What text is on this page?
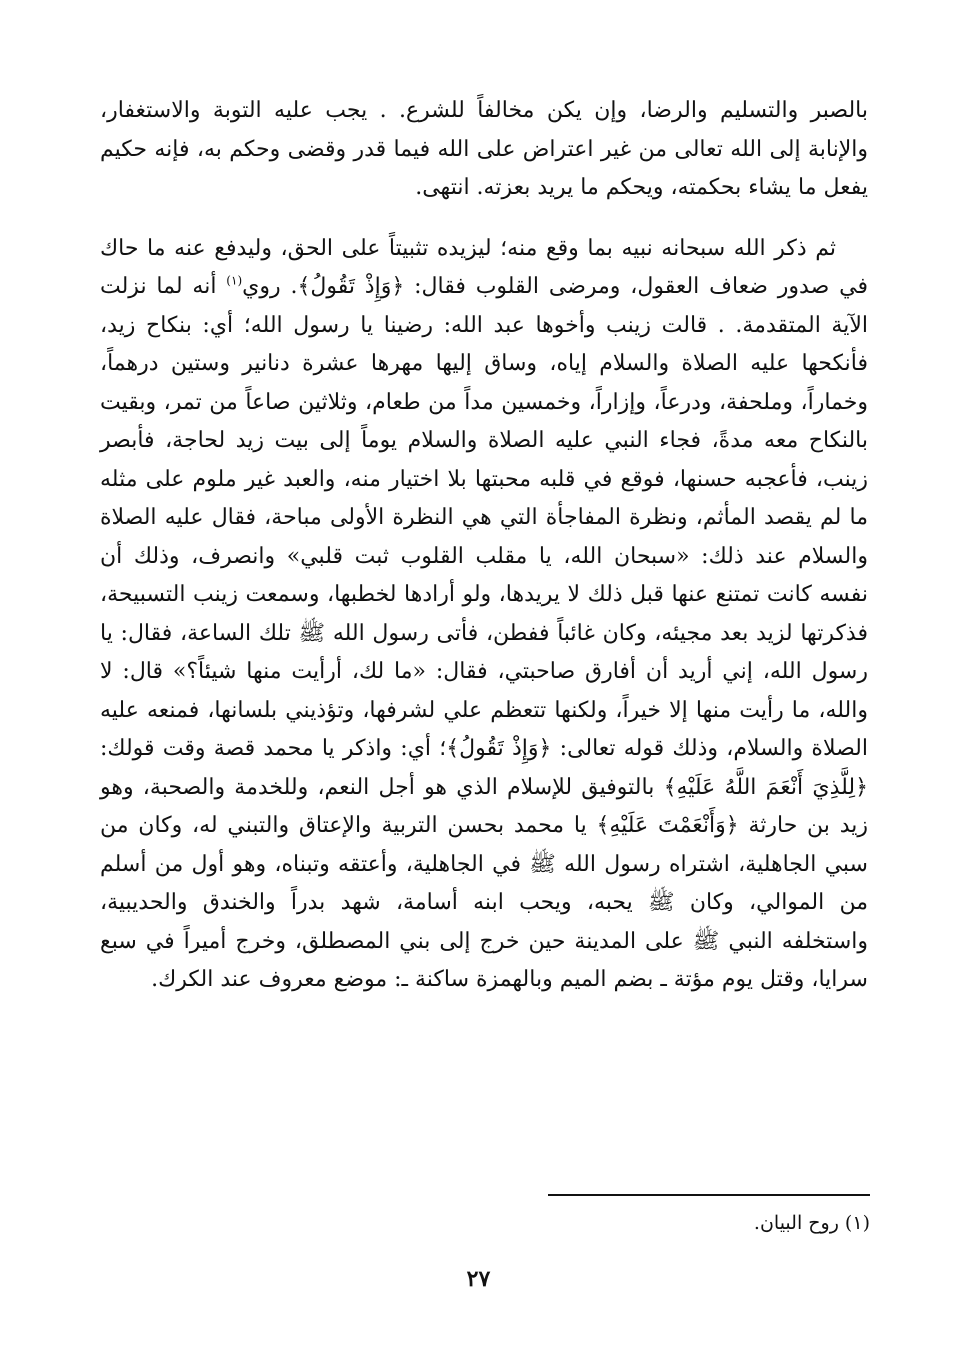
بالصبر والتسليم والرضا، وإن يكن مخالفاً للشرع. . يجب عليه التوبة والاستغفار، والإنابة إلى الله تعالى من غير اعتراض على الله فيما قدر وقضى وحكم به، فإنه حكيم يفعل ما يشاء بحكمته، ويحكم ما يريد بعزته. انتهى.

ثم ذكر الله سبحانه نبيه بما وقع منه؛ ليزيده تثبيتاً على الحق، وليدفع عنه ما حاك في صدور ضعاف العقول، ومرضى القلوب فقال: ﴿وَإِذْ تَقُولُ﴾. روي$^{(١)}$ أنه لما نزلت الآية المتقدمة. . قالت زينب وأخوها عبد الله: رضينا يا رسول الله؛ أي: بنكاح زيد، فأنكحها عليه الصلاة والسلام إياه، وساق إليها مهرها عشرة دنانير وستين درهماً، وخماراً، وملحفة، ودرعاً، وإزاراً، وخمسين مداً من طعام، وثلاثين صاعاً من تمر، وبقيت بالنكاح معه مدةً، فجاء النبي عليه الصلاة والسلام يوماً إلى بيت زيد لحاجة، فأبصر زينب، فأعجبه حسنها، فوقع في قلبه محبتها بلا اختيار منه، والعبد غير ملوم على مثله ما لم يقصد المأثم، ونظرة المفاجأة التي هي النظرة الأولى مباحة، فقال عليه الصلاة والسلام عند ذلك: «سبحان الله، يا مقلب القلوب ثبت قلبي» وانصرف، وذلك أن نفسه كانت تمتنع عنها قبل ذلك لا يريدها، ولو أرادها لخطبها، وسمعت زينب التسبيحة، فذكرتها لزيد بعد مجيئه، وكان غائباً ففطن، فأتى رسول الله ﷺ تلك الساعة، فقال: يا رسول الله، إني أريد أن أفارق صاحبتي، فقال: «ما لك، أرأيت منها شيئاً؟» قال: لا والله، ما رأيت منها إلا خيراً، ولكنها تتعظم علي لشرفها، وتؤذيني بلسانها، فمنعه عليه الصلاة والسلام، وذلك قوله تعالى: ﴿وَإِذْ تَقُولُ﴾؛ أي: واذكر يا محمد قصة وقت قولك: ﴿لِلَّذِيَ أَنْعَمَ اللَّهُ عَلَيْهِ﴾ بالتوفيق للإسلام الذي هو أجل النعم، وللخدمة والصحبة، وهو زيد بن حارثة ﴿وَأَنْعَمْتَ عَلَيْهِ﴾ يا محمد بحسن التربية والإعتاق والتبني له، وكان من سبي الجاهلية، اشتراه رسول الله ﷺ في الجاهلية، وأعتقه وتبناه، وهو أول من أسلم من الموالي، وكان ﷺ يحبه، ويحب ابنه أسامة، شهد بدراً والخندق والحديبية، واستخلفه النبي ﷺ على المدينة حين خرج إلى بني المصطلق، وخرج أميراً في سبع سرايا، وقتل يوم مؤتة ـ بضم الميم وبالهمزة ساكنة ـ: موضع معروف عند الكرك.

(١) روح البيان.
٢٧
